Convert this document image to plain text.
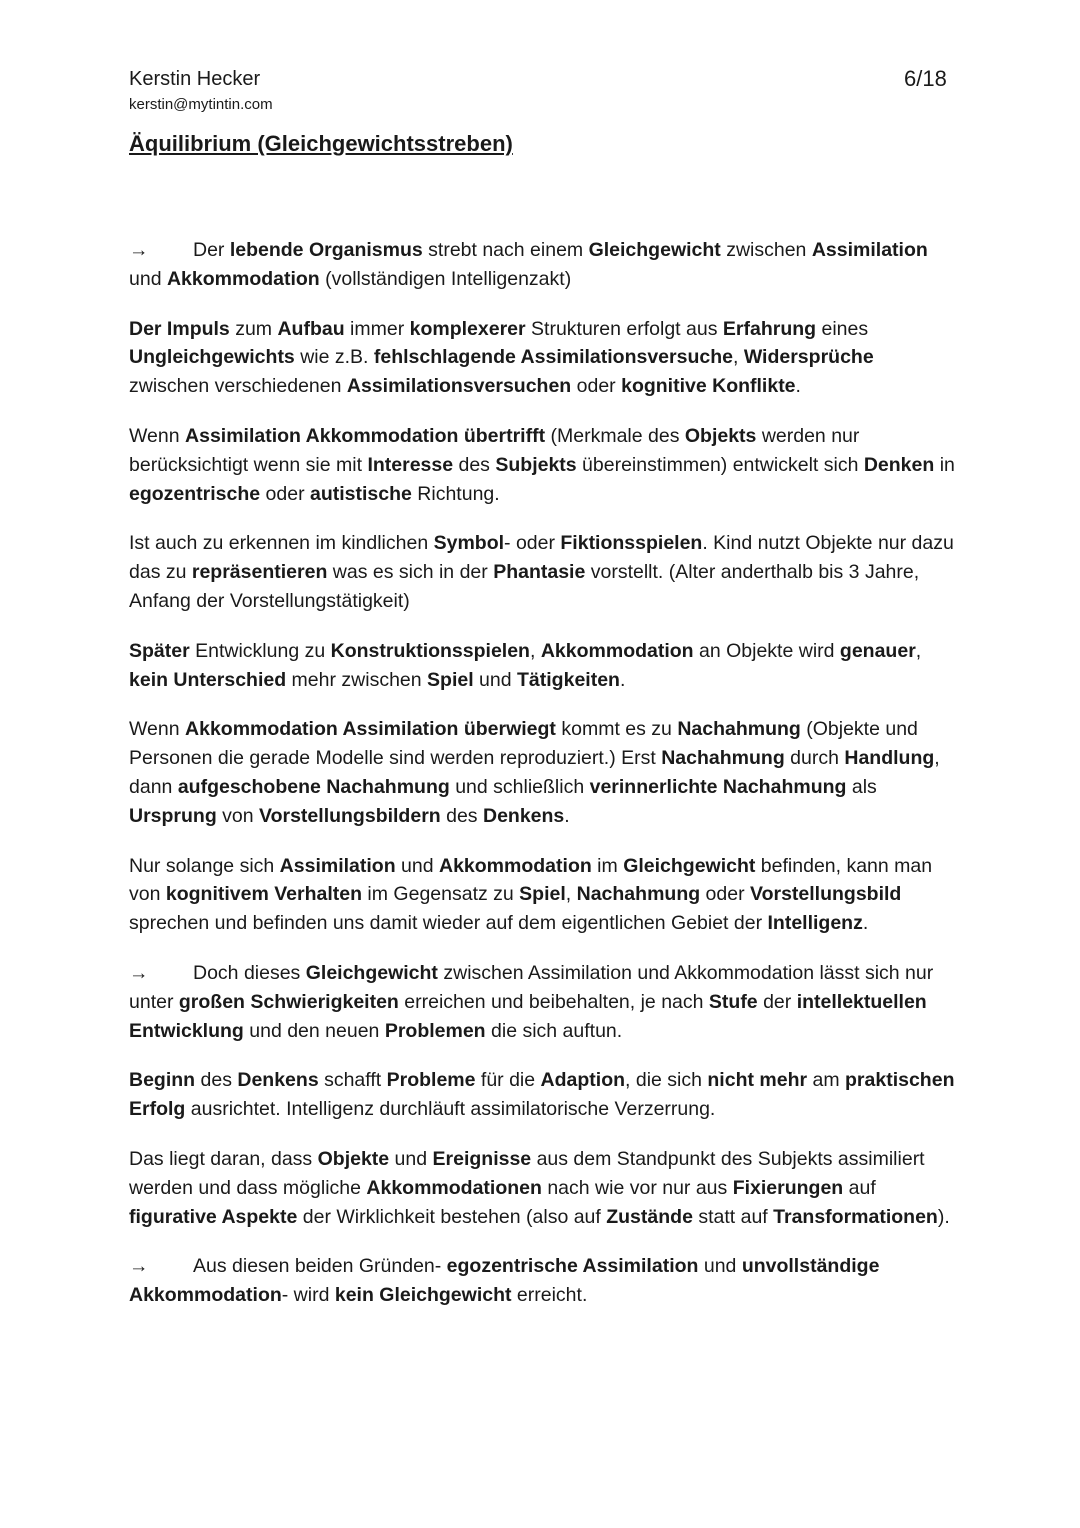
Kerstin Hecker
kerstin@mytintin.com
6/18
Äquilibrium (Gleichgewichtsstreben)

→ Der lebende Organismus strebt nach einem Gleichgewicht zwischen Assimilation und Akkommodation (vollständigen Intelligenzakt)

Der Impuls zum Aufbau immer komplexerer Strukturen erfolgt aus Erfahrung eines Ungleichgewichts wie z.B. fehlschlagende Assimilationsversuche, Widersprüche zwischen verschiedenen Assimilationsversuchen oder kognitive Konflikte.

Wenn Assimilation Akkommodation übertrifft (Merkmale des Objekts werden nur berücksichtigt wenn sie mit Interesse des Subjekts übereinstimmen) entwickelt sich Denken in egozentrische oder autistische Richtung.

Ist auch zu erkennen im kindlichen Symbol- oder Fiktionsspielen. Kind nutzt Objekte nur dazu das zu repräsentieren was es sich in der Phantasie vorstellt. (Alter anderthalb bis 3 Jahre, Anfang der Vorstellungstätigkeit)

Später Entwicklung zu Konstruktionsspielen, Akkommodation an Objekte wird genauer, kein Unterschied mehr zwischen Spiel und Tätigkeiten.

Wenn Akkommodation Assimilation überwiegt kommt es zu Nachahmung (Objekte und Personen die gerade Modelle sind werden reproduziert.) Erst Nachahmung durch Handlung, dann aufgeschobene Nachahmung und schließlich verinnerlichte Nachahmung als Ursprung von Vorstellungsbildern des Denkens.

Nur solange sich Assimilation und Akkommodation im Gleichgewicht befinden, kann man von kognitivem Verhalten im Gegensatz zu Spiel, Nachahmung oder Vorstellungsbild sprechen und befinden uns damit wieder auf dem eigentlichen Gebiet der Intelligenz.

→ Doch dieses Gleichgewicht zwischen Assimilation und Akkommodation lässt sich nur unter großen Schwierigkeiten erreichen und beibehalten, je nach Stufe der intellektuellen Entwicklung und den neuen Problemen die sich auftun.

Beginn des Denkens schafft Probleme für die Adaption, die sich nicht mehr am praktischen Erfolg ausrichtet. Intelligenz durchläuft assimilatorische Verzerrung.

Das liegt daran, dass Objekte und Ereignisse aus dem Standpunkt des Subjekts assimiliert werden und dass mögliche Akkommodationen nach wie vor nur aus Fixierungen auf figurative Aspekte der Wirklichkeit bestehen (also auf Zustände statt auf Transformationen).

→ Aus diesen beiden Gründen- egozentrische Assimilation und unvollständige Akkommodation- wird kein Gleichgewicht erreicht.
